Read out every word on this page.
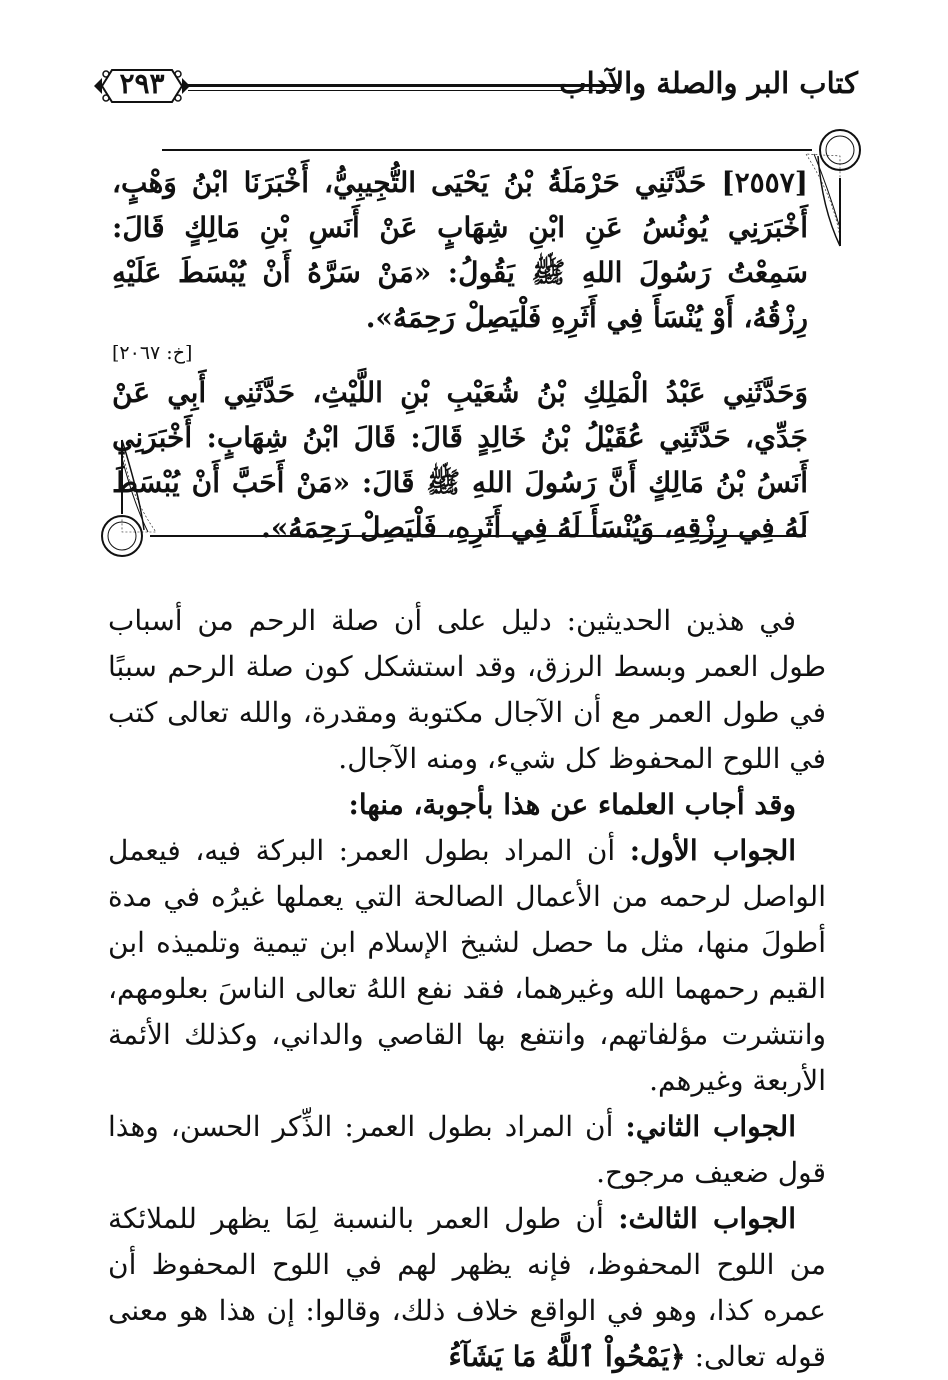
كتاب البر والصلة والآداب
٢٩٣

[٢٥٥٧] حَدَّثَنِي حَرْمَلَةُ بْنُ يَحْيَى التُّجِيبِيُّ، أَخْبَرَنَا ابْنُ وَهْبٍ، أَخْبَرَنِي يُونُسُ عَنِ ابْنِ شِهَابٍ عَنْ أَنَسِ بْنِ مَالِكٍ قَالَ: سَمِعْتُ رَسُولَ اللهِ ﷺ يَقُولُ: «مَنْ سَرَّهُ أَنْ يُبْسَطَ عَلَيْهِ رِزْقُهُ، أَوْ يُنْسَأَ فِي أَثَرِهِ فَلْيَصِلْ رَحِمَهُ».

[خ: ٢٠٦٧]

وَحَدَّثَنِي عَبْدُ الْمَلِكِ بْنُ شُعَيْبِ بْنِ اللَّيْثِ، حَدَّثَنِي أَبِي عَنْ جَدِّي، حَدَّثَنِي عُقَيْلُ بْنُ خَالِدٍ قَالَ: قَالَ ابْنُ شِهَابٍ: أَخْبَرَنِي أَنَسُ بْنُ مَالِكٍ أَنَّ رَسُولَ اللهِ ﷺ قَالَ: «مَنْ أَحَبَّ أَنْ يُبْسَطَ لَهُ فِي رِزْقِهِ، وَيُنْسَأَ لَهُ فِي أَثَرِهِ، فَلْيَصِلْ رَحِمَهُ».

في هذين الحديثين: دليل على أن صلة الرحم من أسباب طول العمر وبسط الرزق، وقد استشكل كون صلة الرحم سببًا في طول العمر مع أن الآجال مكتوبة ومقدرة، والله تعالى كتب في اللوح المحفوظ كل شيء، ومنه الآجال.

وقد أجاب العلماء عن هذا بأجوبة، منها:

الجواب الأول: أن المراد بطول العمر: البركة فيه، فيعمل الواصل لرحمه من الأعمال الصالحة التي يعملها غيرُه في مدة أطولَ منها، مثل ما حصل لشيخ الإسلام ابن تيمية وتلميذه ابن القيم رحمهما الله وغيرهما، فقد نفع اللهُ تعالى الناسَ بعلومهم، وانتشرت مؤلفاتهم، وانتفع بها القاصي والداني، وكذلك الأئمة الأربعة وغيرهم.

الجواب الثاني: أن المراد بطول العمر: الذِّكر الحسن، وهذا قول ضعيف مرجوح.

الجواب الثالث: أن طول العمر بالنسبة لِمَا يظهر للملائكة من اللوح المحفوظ، فإنه يظهر لهم في اللوح المحفوظ أن عمره كذا، وهو في الواقع خلاف ذلك، وقالوا: إن هذا هو معنى قوله تعالى: ﴿يَمْحُواْ ٱللَّهُ مَا يَشَآءُ
